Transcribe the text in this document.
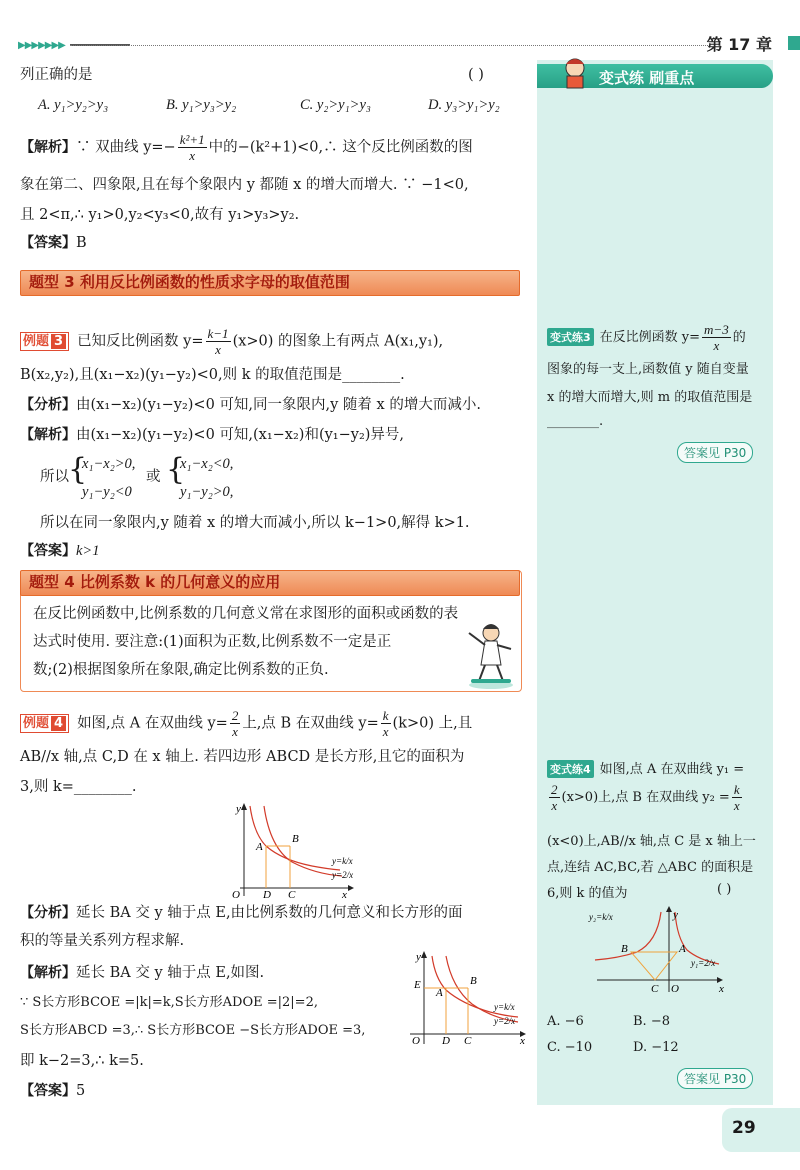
▶▶▶▶▶▶▶	第 17 章
列正确的是	( )
A. y₁>y₂>y₃	B. y₁>y₃>y₂	C. y₂>y₁>y₃	D. y₃>y₁>y₂
【解析】∵ 双曲线 $y=- \frac{\text{k²+1}}{x}$ 中的−(k²+1)<0,∴ 这个反比例函数的图
象在第二、四象限,且在每个象限内 y 都随 x 的增大而增大. ∵ −1<0,
且 2<π,∴ y₁>0,y₂<y₃<0,故有 y₁>y₃>y₂.
【答案】B
题型 3 利用反比例函数的性质求字母的取值范围
例题 3 已知反比例函数 $y= \frac{k-1}{x} (x>0)$ 的图象上有两点 A(x₁,y₁),
B(x₂,y₂),且(x₁−x₂)(y₁−y₂)<0,则 k 的取值范围是________.
【分析】由(x₁−x₂)(y₁−y₂)<0 可知,同一象限内,y 随着 x 的增大而减小.
【解析】由(x₁−x₂)(y₁−y₂)<0 可知,(x₁−x₂)和(y₁−y₂)异号,
所以 {
x₁−x₂>0,
y₁−y₂<0
或 {
x₁−x₂<0,
y₁−y₂>0,
所以在同一象限内,y 随着 x 的增大而减小,所以 k−1>0,解得 k>1.
【答案】k>1
题型 4 比例系数 k 的几何意义的应用
在反比例函数中,比例系数的几何意义常在求图形的面积或函数的表
达式时使用. 要注意:(1)面积为正数,比例系数不一定是正
数;(2)根据图象所在象限,确定比例系数的正负.
例题 4 如图,点 A 在双曲线 $y= \frac{2}{x}$ 上,点 B 在双曲线 $y= \frac{k}{x} (k>0)$ 上,且
AB//x 轴,点 C,D 在 x 轴上. 若四边形 ABCD 是长方形,且它的面积为
3,则 k=________.
y
x
O
A
B
D C
y=k/x
y=2/x
【分析】延长 BA 交 y 轴于点 E,由比例系数的几何意义和长方形的面
积的等量关系列方程求解.
【解析】延长 BA 交 y 轴于点 E,如图.
∵ S长方形BCOE =|k|=k,S长方形ADOE =|2|=2,
S长方形ABCD =3,∴ S长方形BCOE −S长方形ADOE =3,
即 k−2=3,∴ k=5.
【答案】5
y
x
O
E
A
B
D C
y=k/x
y=2/x
变式练 刷重点
变式练3 在反比例函数 $y= \frac{m-3}{x}$ 的
图象的每一支上,函数值 y 随自变量
x 的增大而增大,则 m 的取值范围是
________.
答案见 P30
变式练4 如图,点 A 在双曲线 y₁ =
$\frac{2}{x} (x>0)$上,点 B 在双曲线 $y_2 = \frac{k}{x}$
(x<0)上,AB//x 轴,点 C 是 x 轴上一
点,连结 AC,BC,若 △ABC 的面积是
6,则 k 的值为	( )
y₂=k/x
y₁=2/x
B	A
C O	x
y
A. −6	B. −8
C. −10	D. −12
答案见 P30
29
